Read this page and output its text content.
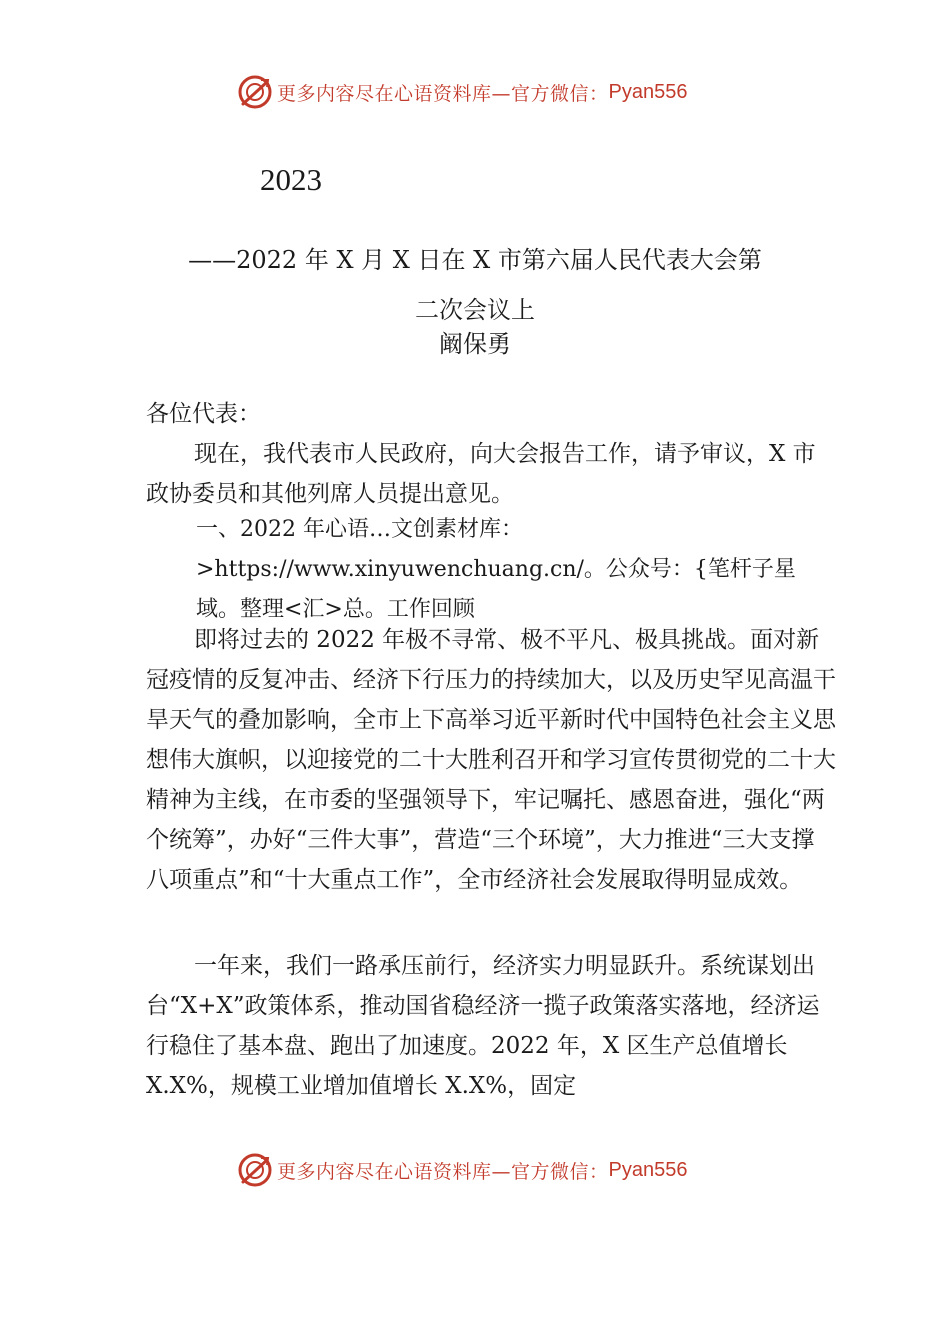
更多内容尽在心语资料库—官方微信： Pyan556
2023
——2022 年 X 月 X 日在 X 市第六届人民代表大会第
二次会议上
阚保勇

各位代表：

现在，我代表市人民政府，向大会报告工作，请予审议，X 市政协委员和其他列席人员提出意见。

一、2022 年心语…文创素材库：>https://www.xinyuwenchuang.cn/。公众号：{笔杆子星域。整理<汇>总。工作回顾

即将过去的 2022 年极不寻常、极不平凡、极具挑战。面对新冠疫情的反复冲击、经济下行压力的持续加大，以及历史罕见高温干旱天气的叠加影响，全市上下高举习近平新时代中国特色社会主义思想伟大旗帜，以迎接党的二十大胜利召开和学习宣传贯彻党的二十大精神为主线，在市委的坚强领导下，牢记嘱托、感恩奋进，强化“两个统筹”，办好“三件大事”，营造“三个环境”，大力推进“三大支撑八项重点”和“十大重点工作”，全市经济社会发展取得明显成效。

一年来，我们一路承压前行，经济实力明显跃升。系统谋划出台“X+X”政策体系，推动国省稳经济一揽子政策落实落地，经济运行稳住了基本盘、跑出了加速度。2022 年，X 区生产总值增长 X.X%，规模工业增加值增长 X.X%，固定

更多内容尽在心语资料库—官方微信： Pyan556
